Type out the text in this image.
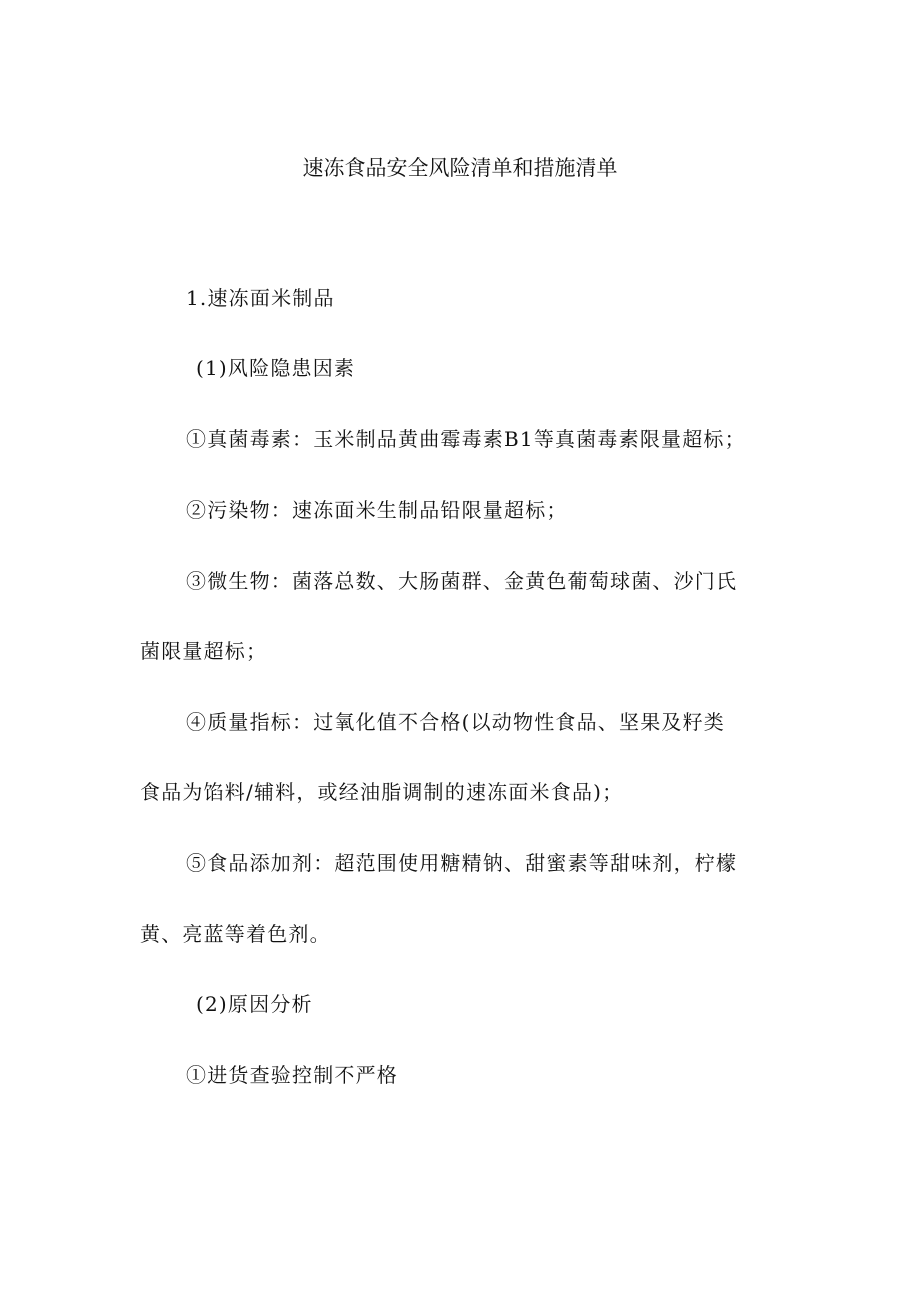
速冻食品安全风险清单和措施清单
1.速冻面米制品
(1)风险隐患因素
①真菌毒素：玉米制品黄曲霉毒素B1等真菌毒素限量超标；
②污染物：速冻面米生制品铅限量超标；
③微生物：菌落总数、大肠菌群、金黄色葡萄球菌、沙门氏
菌限量超标；
④质量指标：过氧化值不合格(以动物性食品、坚果及籽类
食品为馅料/辅料，或经油脂调制的速冻面米食品)；
⑤食品添加剂：超范围使用糖精钠、甜蜜素等甜味剂，柠檬
黄、亮蓝等着色剂。
(2)原因分析
①进货查验控制不严格
